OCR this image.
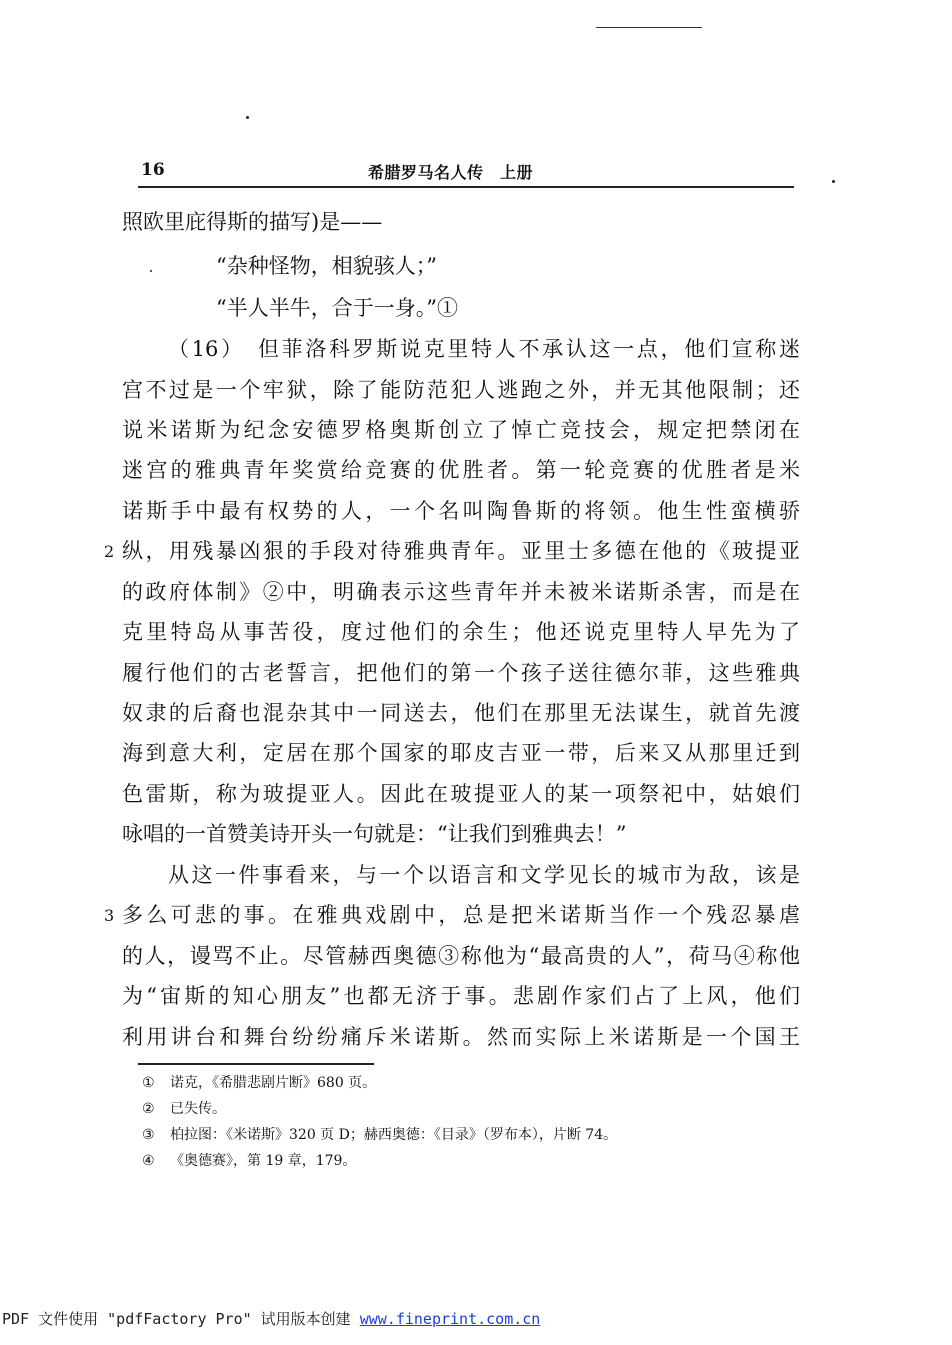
16	希腊罗马名人传　上册
照欧里庇得斯的描写)是——
“杂种怪物，相貌骇人；”
“半人半牛，合于一身。”①
（16）　但菲洛科罗斯说克里特人不承认这一点，他们宣称迷
宫不过是一个牢狱，除了能防范犯人逃跑之外，并无其他限制；还
说米诺斯为纪念安德罗格奥斯创立了悼亡竞技会，规定把禁闭在
迷宫的雅典青年奖赏给竞赛的优胜者。第一轮竞赛的优胜者是米
诺斯手中最有权势的人，一个名叫陶鲁斯的将领。他生性蛮横骄
2 纵，用残暴凶狠的手段对待雅典青年。亚里士多德在他的《玻提亚
的政府体制》②中，明确表示这些青年并未被米诺斯杀害，而是在
克里特岛从事苦役，度过他们的余生；他还说克里特人早先为了
履行他们的古老誓言，把他们的第一个孩子送往德尔菲，这些雅典
奴隶的后裔也混杂其中一同送去，他们在那里无法谋生，就首先渡
海到意大利，定居在那个国家的耶皮吉亚一带，后来又从那里迁到
色雷斯，称为玻提亚人。因此在玻提亚人的某一项祭祀中，姑娘们
咏唱的一首赞美诗开头一句就是：“让我们到雅典去！”
从这一件事看来，与一个以语言和文学见长的城市为敌，该是
3 多么可悲的事。在雅典戏剧中，总是把米诺斯当作一个残忍暴虐
的人，谩骂不止。尽管赫西奥德③称他为“最高贵的人”，荷马④称他
为“宙斯的知心朋友”也都无济于事。悲剧作家们占了上风，他们
利用讲台和舞台纷纷痛斥米诺斯。然而实际上米诺斯是一个国王
① 诺克，《希腊悲剧片断》680 页。
② 已失传。
③ 柏拉图：《米诺斯》320 页 D；赫西奥德：《目录》（罗布本），片断 74。
④ 《奥德赛》，第 19 章，179。
PDF 文件使用 "pdfFactory Pro" 试用版本创建 www.fineprint.com.cn
